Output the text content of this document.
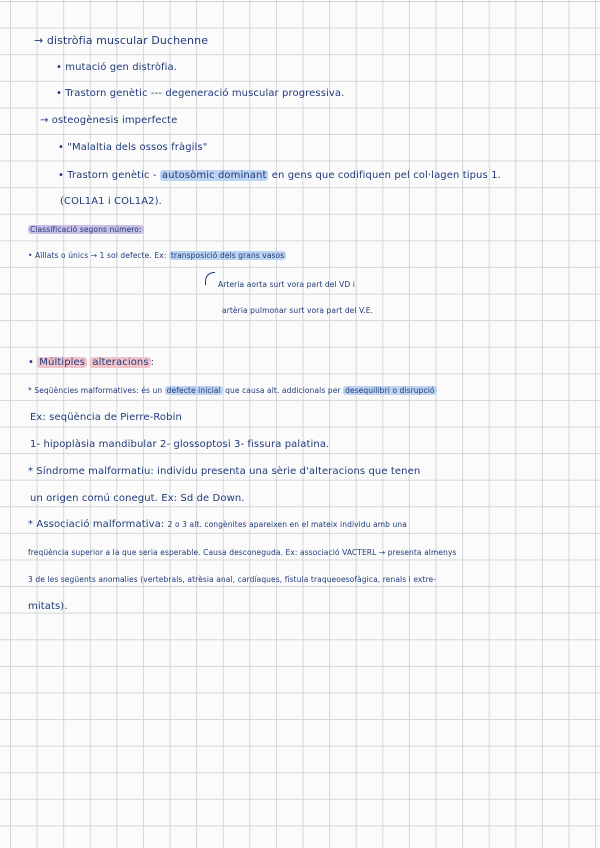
→ distròfia muscular Duchenne
• mutació gen distròfia.
• Trastorn genètic --- degeneració muscular progressiva.
→ osteogènesis imperfecte
• "Malaltia dels ossos fràgils"
• Trastorn genètic - autosòmic dominant en gens que codifiquen pel col·lagen tipus 1.
(COL1A1 i COL1A2).
Classificació segons número:
• Aïllats o únics → 1 sol defecte. Ex: transposició dels grans vasos
Arteria aorta surt vora part del VD i
artèria pulmonar surt vora part del V.E.
• Múltiples alteracions :
* Seqüències malformatives: és un defecte inicial que causa alt. addicionals per desequilibri o disrupció
Ex: seqüència de Pierre-Robin
1- hipoplàsia mandibular 2- glossoptosi 3- fissura palatina.
* Síndrome malformatiu: individu presenta una sèrie d'alteracions que tenen
un origen comú conegut. Ex: Sd de Down.
* Associació malformativa: 2 o 3 alt. congènites apareixen en el mateix individu amb una
freqüència superior a la que seria esperable. Causa desconeguda. Ex: associació VACTERL → presenta almenys
3 de les següents anomalies (vertebrals, atrèsia anal, cardíaques, fístula traqueoesofàgica, renals i extre-
mitats).
